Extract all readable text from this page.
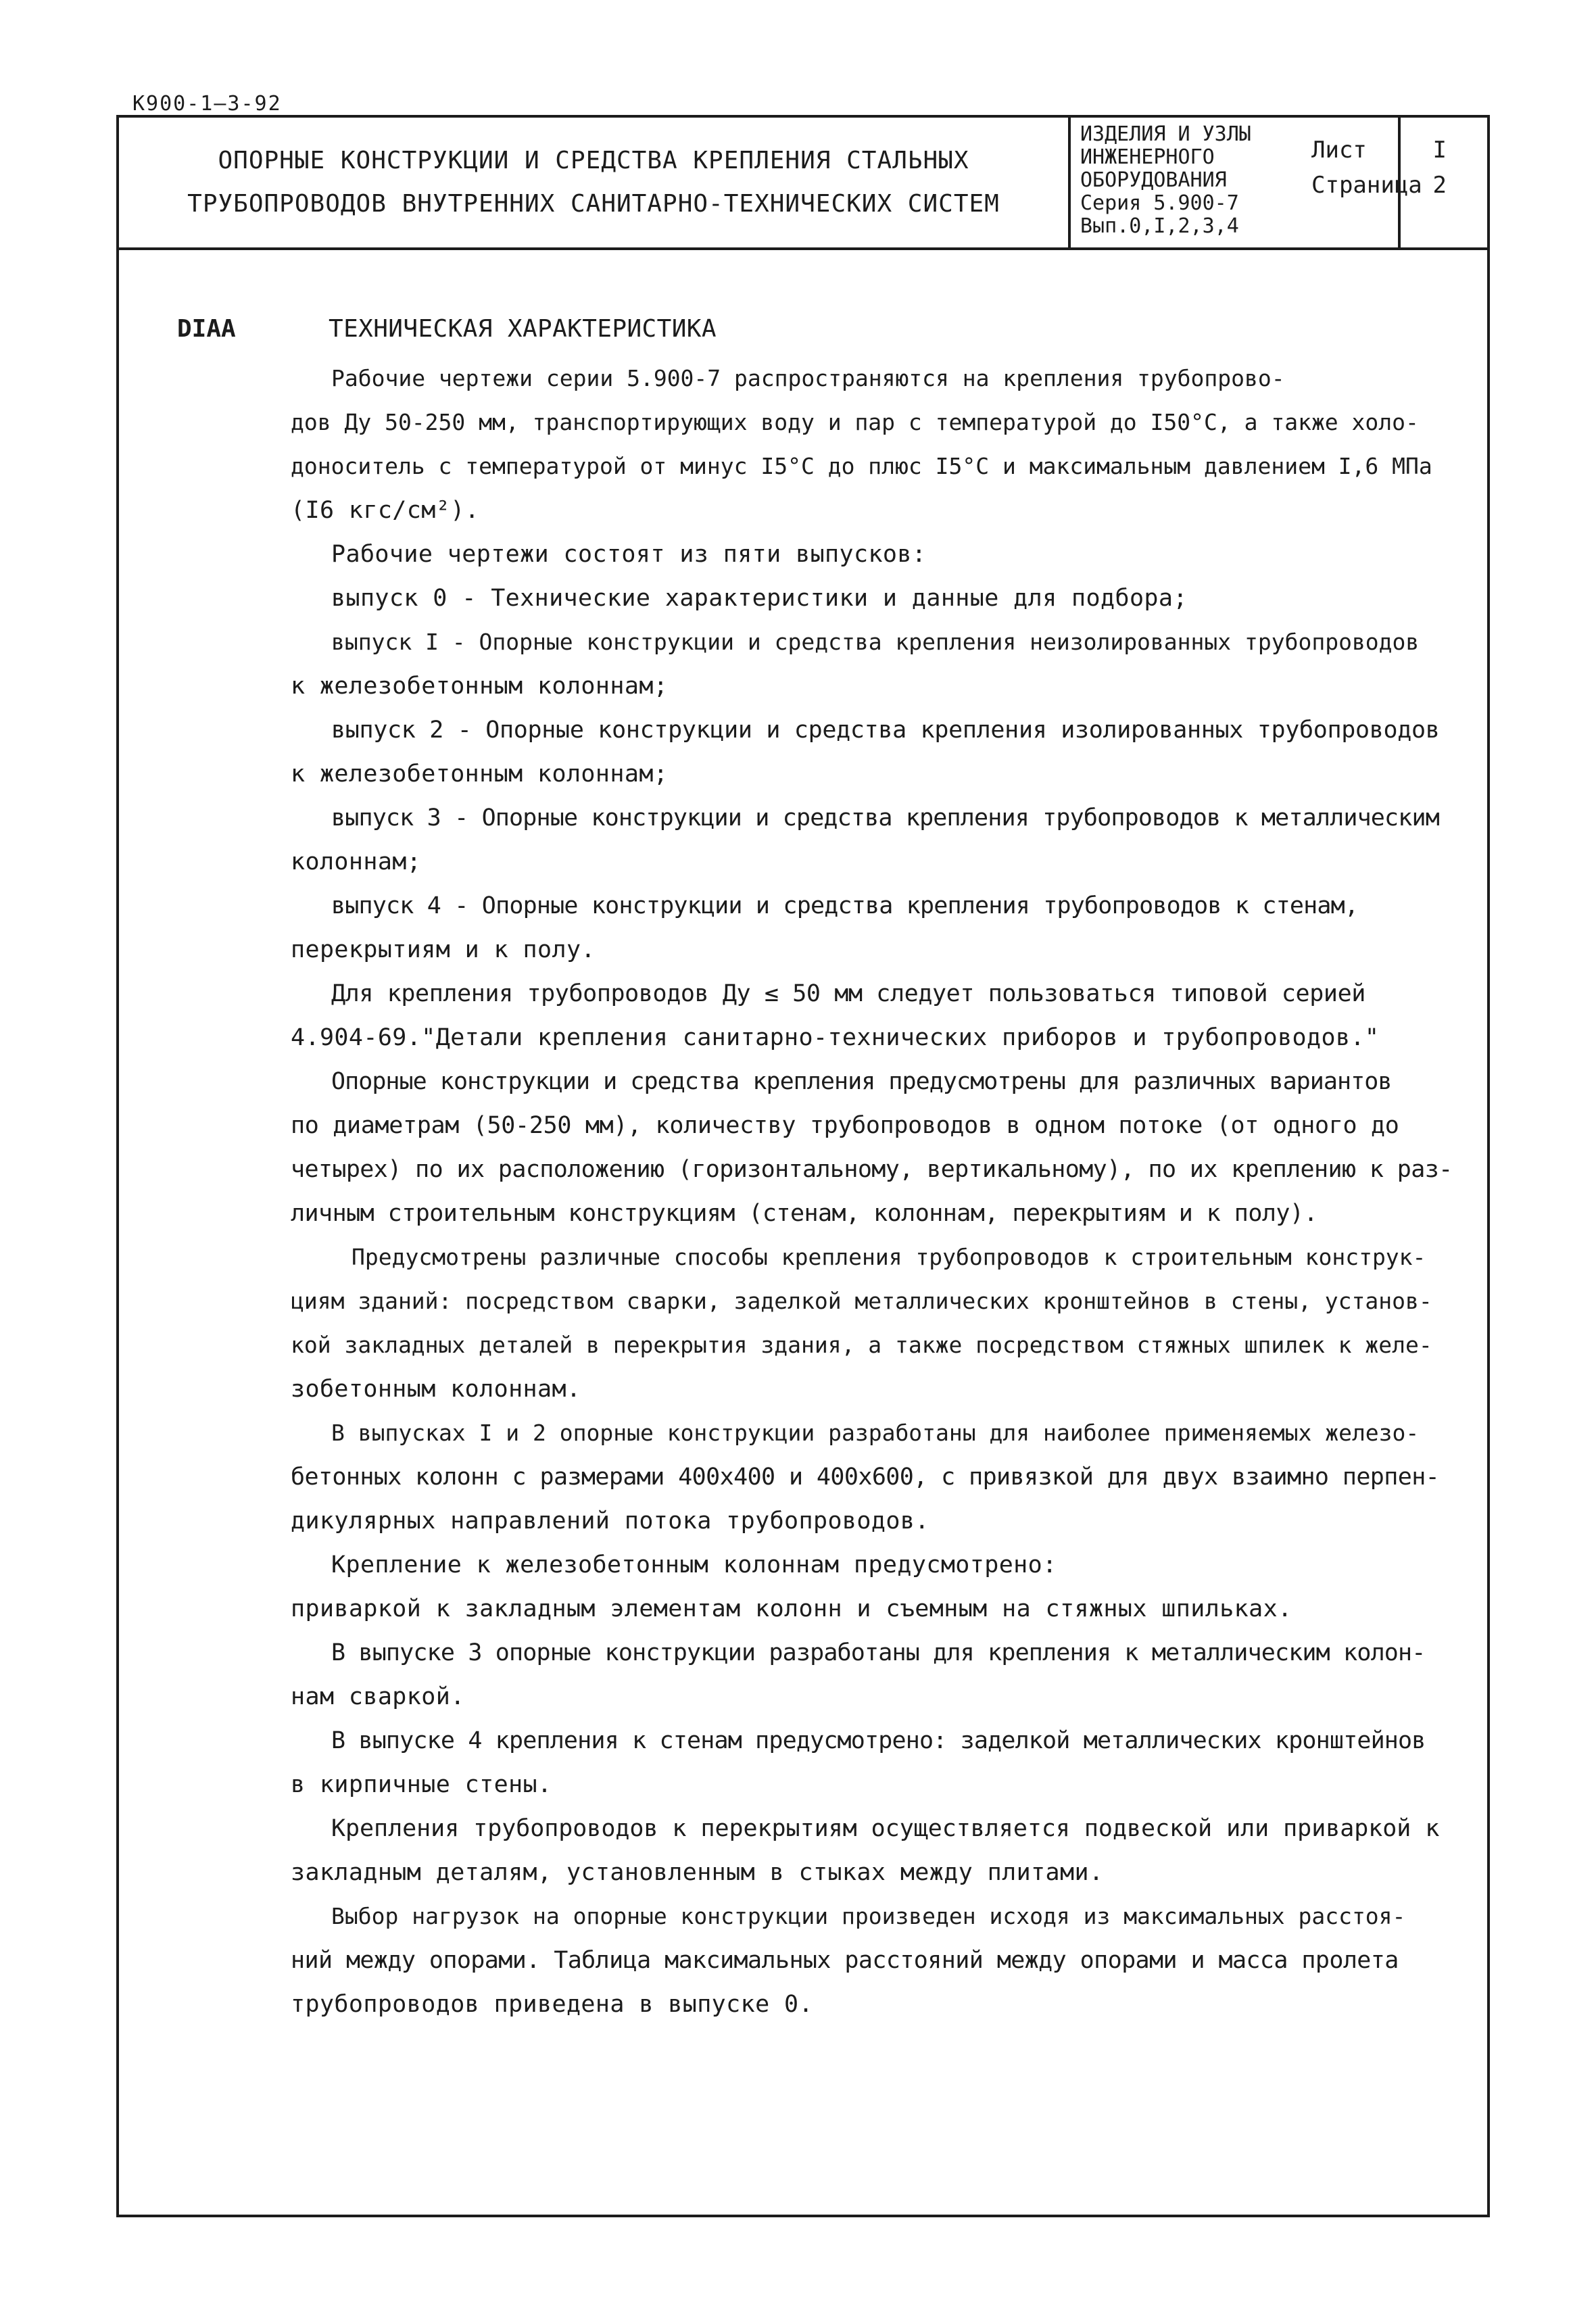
К900-1—3-92
ОПОРНЫЕ КОНСТРУКЦИИ И СРЕДСТВА КРЕПЛЕНИЯ СТАЛЬНЫХ
ТРУБОПРОВОДОВ ВНУТРЕННИХ САНИТАРНО-ТЕХНИЧЕСКИХ СИСТЕМ
ИЗДЕЛИЯ И УЗЛЫ
ИНЖЕНЕРНОГО
ОБОРУДОВАНИЯ
Серия 5.900-7
Вып.0,I,2,3,4
Лист	I
Страница 2
DIAA	ТЕХНИЧЕСКАЯ ХАРАКТЕРИСТИКА
Рабочие чертежи серии 5.900-7 распространяются на крепления трубопрово-
дов Ду 50-250 мм, транспортирующих воду и пар с температурой до I50°C, а также холо-
доноситель с температурой от минус I5°C до плюс I5°C и максимальным давлением I,6 МПа
(I6 кгс/см²).
Рабочие чертежи состоят из пяти выпусков:
выпуск 0 - Технические характеристики и данные для подбора;
выпуск I - Опорные конструкции и средства крепления неизолированных трубопроводов
к железобетонным колоннам;
выпуск 2 - Опорные конструкции и средства крепления изолированных трубопроводов
к железобетонным колоннам;
выпуск 3 - Опорные конструкции и средства крепления трубопроводов к металлическим
колоннам;
выпуск 4 - Опорные конструкции и средства крепления трубопроводов к стенам,
перекрытиям и к полу.
Для крепления трубопроводов Ду ≤ 50 мм следует пользоваться типовой серией
4.904-69."Детали крепления санитарно-технических приборов и трубопроводов."
Опорные конструкции и средства крепления предусмотрены для различных вариантов
по диаметрам (50-250 мм), количеству трубопроводов в одном потоке (от одного до
четырех) по их расположению (горизонтальному, вертикальному), по их креплению к раз-
личным строительным конструкциям (стенам, колоннам, перекрытиям и к полу).
Предусмотрены различные способы крепления трубопроводов к строительным конструк-
циям зданий: посредством сварки, заделкой металлических кронштейнов в стены, установ-
кой закладных деталей в перекрытия здания, а также посредством стяжных шпилек к желе-
зобетонным колоннам.
В выпусках I и 2 опорные конструкции разработаны для наиболее применяемых железо-
бетонных колонн с размерами 400х400 и 400х600, с привязкой для двух взаимно перпен-
дикулярных направлений потока трубопроводов.
Крепление к железобетонным колоннам предусмотрено:
приваркой к закладным элементам колонн и съемным на стяжных шпильках.
В выпуске 3 опорные конструкции разработаны для крепления к металлическим колон-
нам сваркой.
В выпуске 4 крепления к стенам предусмотрено: заделкой металлических кронштейнов
в кирпичные стены.
Крепления трубопроводов к перекрытиям осуществляется подвеской или приваркой к
закладным деталям, установленным в стыках между плитами.
Выбор нагрузок на опорные конструкции произведен исходя из максимальных расстоя-
ний между опорами. Таблица максимальных расстояний между опорами и масса пролета
трубопроводов приведена в выпуске 0.
